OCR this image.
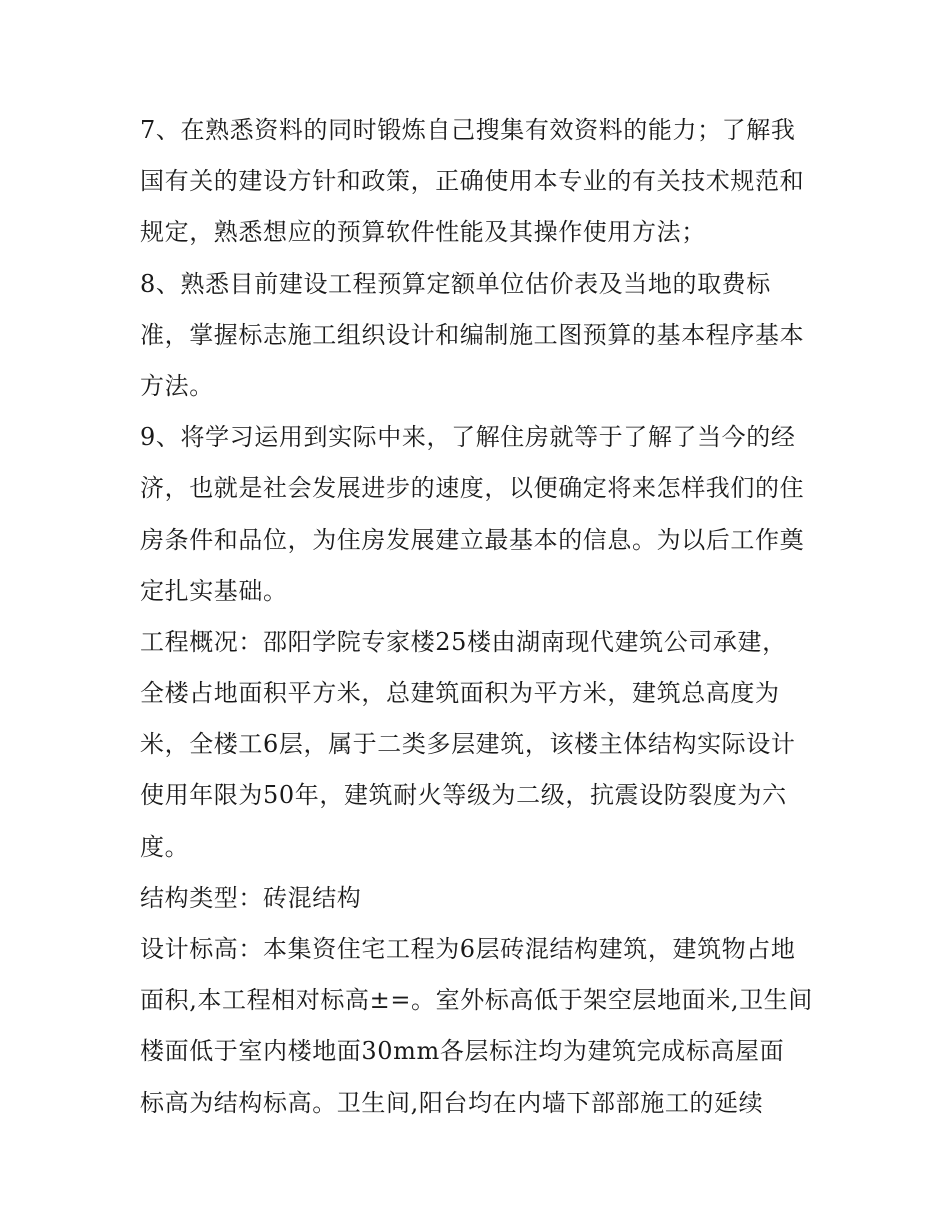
7、在熟悉资料的同时锻炼自己搜集有效资料的能力；了解我
国有关的建设方针和政策，正确使用本专业的有关技术规范和
规定，熟悉想应的预算软件性能及其操作使用方法；
8、熟悉目前建设工程预算定额单位估价表及当地的取费标
准，掌握标志施工组织设计和编制施工图预算的基本程序基本
方法。
9、将学习运用到实际中来，了解住房就等于了解了当今的经
济，也就是社会发展进步的速度，以便确定将来怎样我们的住
房条件和品位，为住房发展建立最基本的信息。为以后工作奠
定扎实基础。
工程概况：邵阳学院专家楼25楼由湖南现代建筑公司承建，
全楼占地面积平方米，总建筑面积为平方米，建筑总高度为
米，全楼工6层，属于二类多层建筑，该楼主体结构实际设计
使用年限为50年，建筑耐火等级为二级，抗震设防裂度为六
度。
结构类型：砖混结构
设计标高：本集资住宅工程为6层砖混结构建筑，建筑物占地
面积,本工程相对标高±=。室外标高低于架空层地面米,卫生间
楼面低于室内楼地面30mm各层标注均为建筑完成标高屋面
标高为结构标高。卫生间,阳台均在内墙下部部施工的延续
